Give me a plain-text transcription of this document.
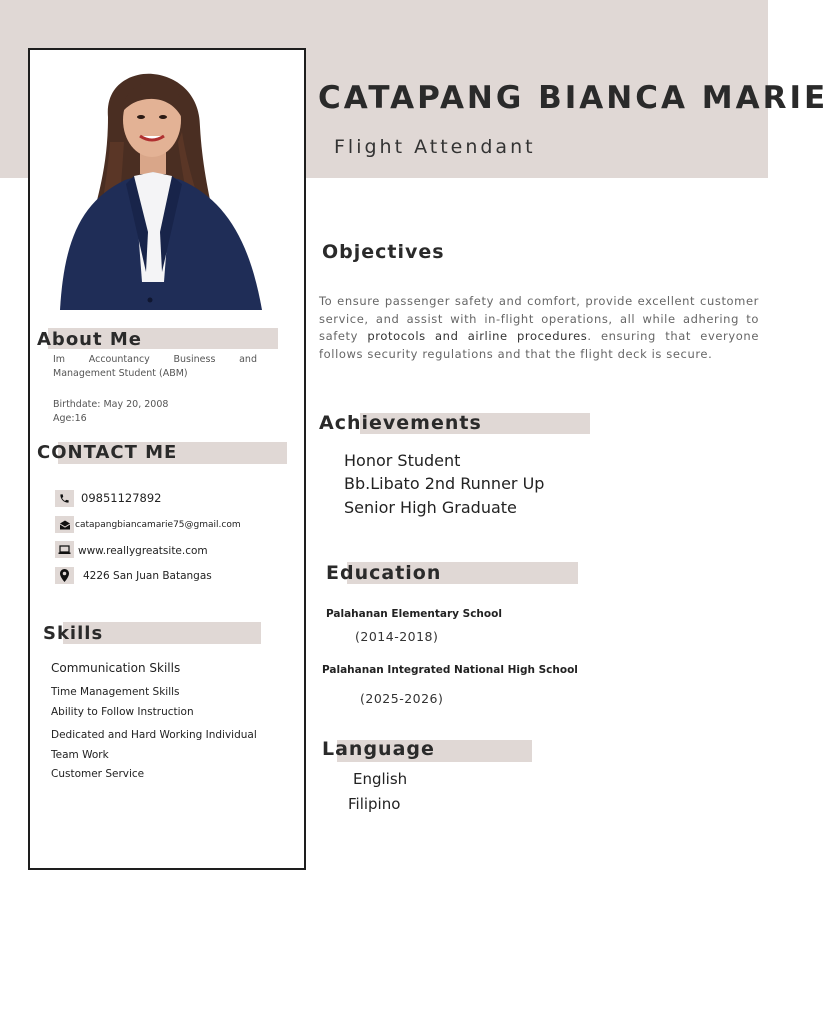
CATAPANG BIANCA MARIE
Flight Attendant
About Me
Im Accountancy Business and Management Student (ABM)
Birthdate: May 20, 2008
Age:16
CONTACT ME
09851127892
catapangbiancamarie75@gmail.com
www.reallygreatsite.com
4226 San Juan Batangas
Skills
Communication Skills
Time Management Skills
Ability to Follow Instruction
Dedicated and Hard Working Individual
Team Work
Customer Service
Objectives
To ensure passenger safety and comfort, provide excellent customer service, and assist with in-flight operations, all while adhering to safety protocols and airline procedures. ensuring that everyone follows security regulations and that the flight deck is secure.
Achievements
Honor Student
Bb.Libato 2nd Runner Up
Senior High Graduate
Education
Palahanan Elementary School
(2014-2018)
Palahanan Integrated National High School
(2025-2026)
Language
English
Filipino
